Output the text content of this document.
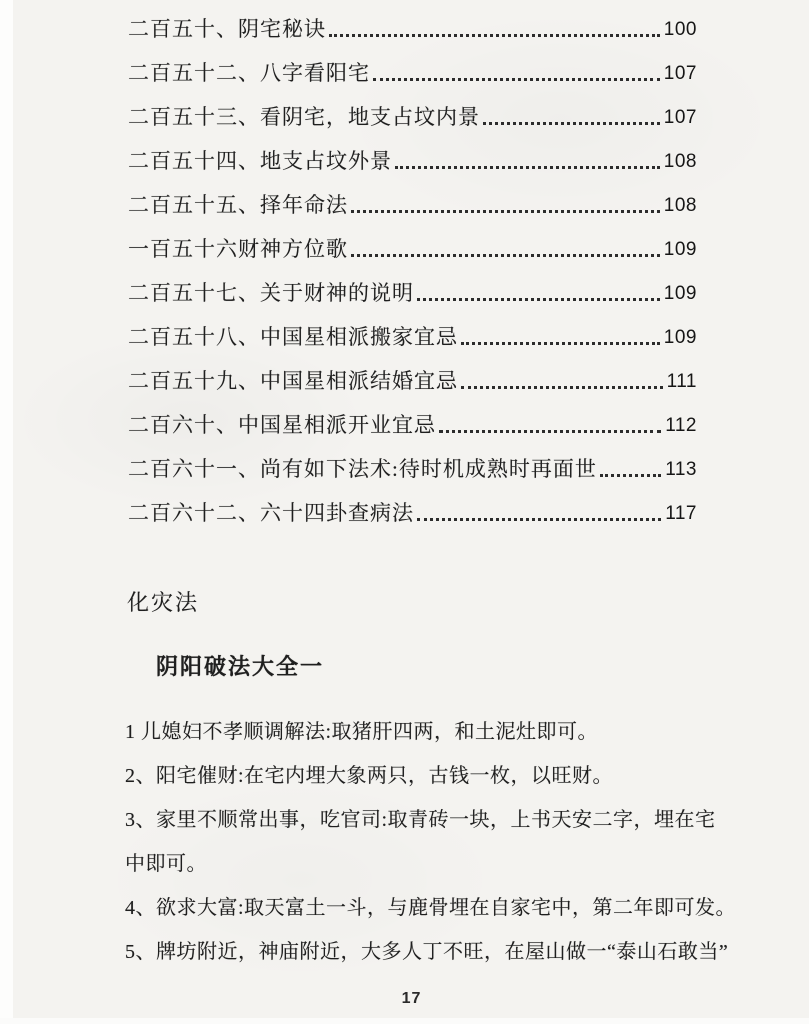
二百五十、阴宅秘诀	100
二百五十二、八字看阳宅	107
二百五十三、看阴宅，地支占坟内景	107
二百五十四、地支占坟外景	108
二百五十五、择年命法	108
一百五十六财神方位歌	109
二百五十七、关于财神的说明	109
二百五十八、中国星相派搬家宜忌	109
二百五十九、中国星相派结婚宜忌	111
二百六十、中国星相派开业宜忌	112
二百六十一、尚有如下法术:待时机成熟时再面世	113
二百六十二、六十四卦查病法	117
化灾法
阴阳破法大全一
1 儿媳妇不孝顺调解法:取猪肝四两，和土泥灶即可。
2、阳宅催财:在宅内埋大象两只，古钱一枚，以旺财。
3、家里不顺常出事，吃官司:取青砖一块，上书天安二字，埋在宅
中即可。
4、欲求大富:取天富土一斗，与鹿骨埋在自家宅中，第二年即可发。
5、牌坊附近，神庙附近，大多人丁不旺，在屋山做一“泰山石敢当”
17
